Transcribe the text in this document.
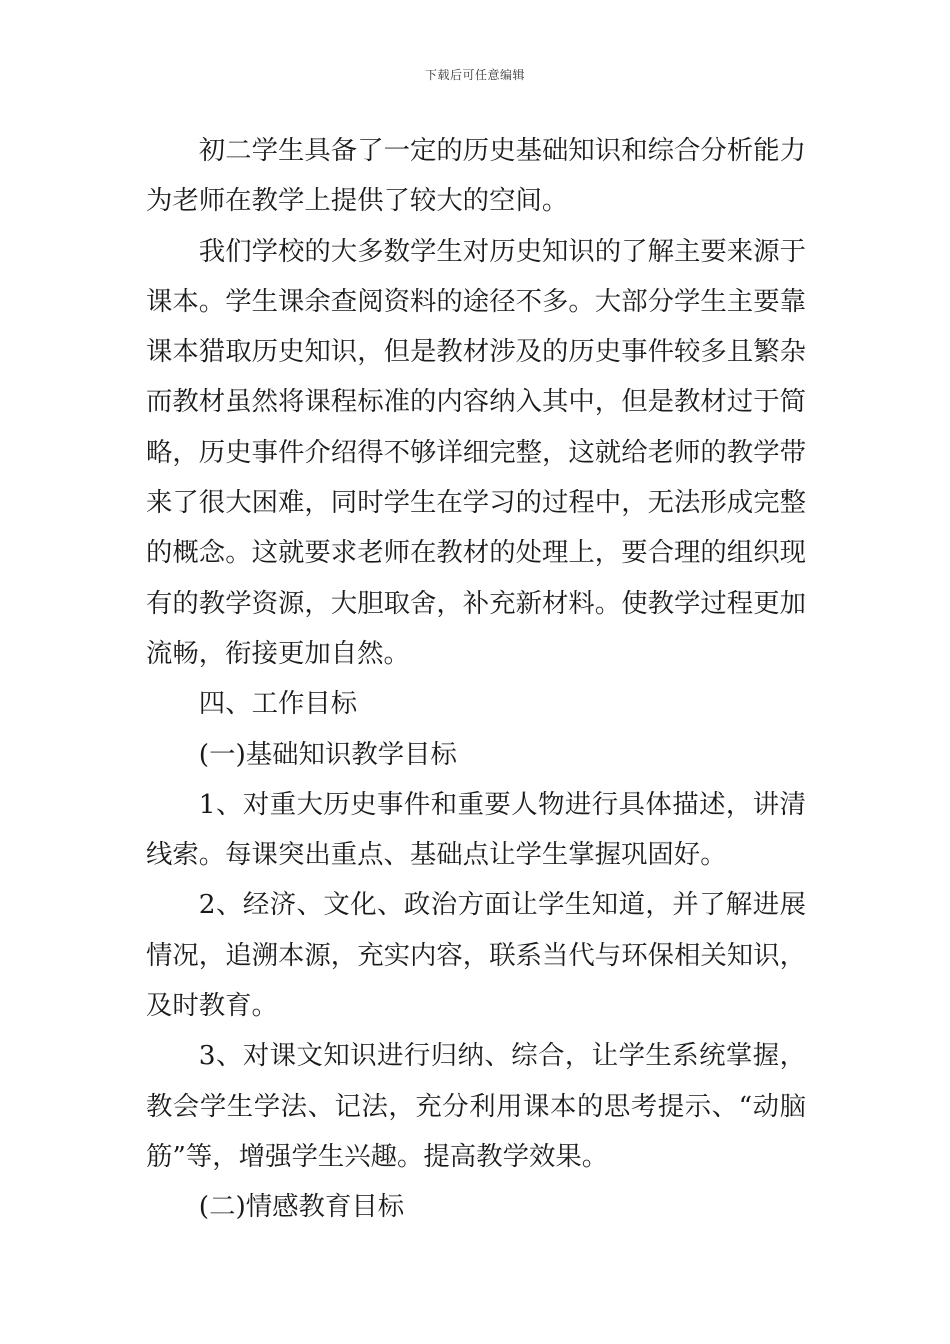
下载后可任意编辑

初二学生具备了一定的历史基础知识和综合分析能力为老师在教学上提供了较大的空间。

我们学校的大多数学生对历史知识的了解主要来源于课本。学生课余查阅资料的途径不多。大部分学生主要靠课本猎取历史知识，但是教材涉及的历史事件较多且繁杂而教材虽然将课程标准的内容纳入其中，但是教材过于简略，历史事件介绍得不够详细完整，这就给老师的教学带来了很大困难，同时学生在学习的过程中，无法形成完整的概念。这就要求老师在教材的处理上，要合理的组织现有的教学资源，大胆取舍，补充新材料。使教学过程更加流畅，衔接更加自然。

四、工作目标

(一)基础知识教学目标

1、对重大历史事件和重要人物进行具体描述，讲清线索。每课突出重点、基础点让学生掌握巩固好。

2、经济、文化、政治方面让学生知道，并了解进展情况，追溯本源，充实内容，联系当代与环保相关知识，及时教育。

3、对课文知识进行归纳、综合，让学生系统掌握，教会学生学法、记法，充分利用课本的思考提示、“动脑筋”等，增强学生兴趣。提高教学效果。

(二)情感教育目标
